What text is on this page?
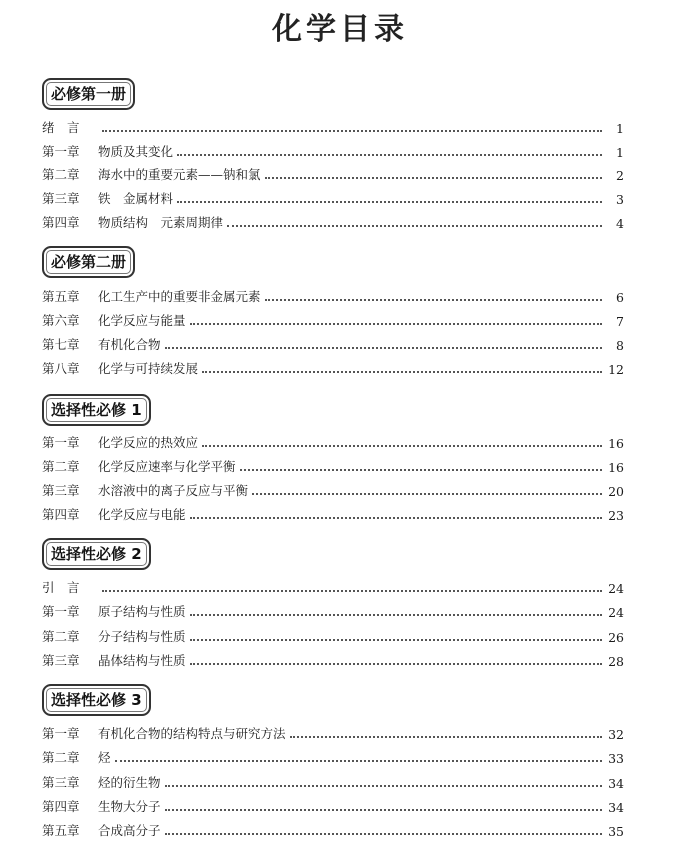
化学目录
必修第一册
绪　言	1
第一章	物质及其变化	1
第二章	海水中的重要元素——钠和氯	2
第三章	铁　金属材料	3
第四章	物质结构　元素周期律	4
必修第二册
第五章	化工生产中的重要非金属元素	6
第六章	化学反应与能量	7
第七章	有机化合物	8
第八章	化学与可持续发展	12
选择性必修 1
第一章	化学反应的热效应	16
第二章	化学反应速率与化学平衡	16
第三章	水溶液中的离子反应与平衡	20
第四章	化学反应与电能	23
选择性必修 2
引　言	24
第一章	原子结构与性质	24
第二章	分子结构与性质	26
第三章	晶体结构与性质	28
选择性必修 3
第一章	有机化合物的结构特点与研究方法	32
第二章	烃	33
第三章	烃的衍生物	34
第四章	生物大分子	34
第五章	合成高分子	35
